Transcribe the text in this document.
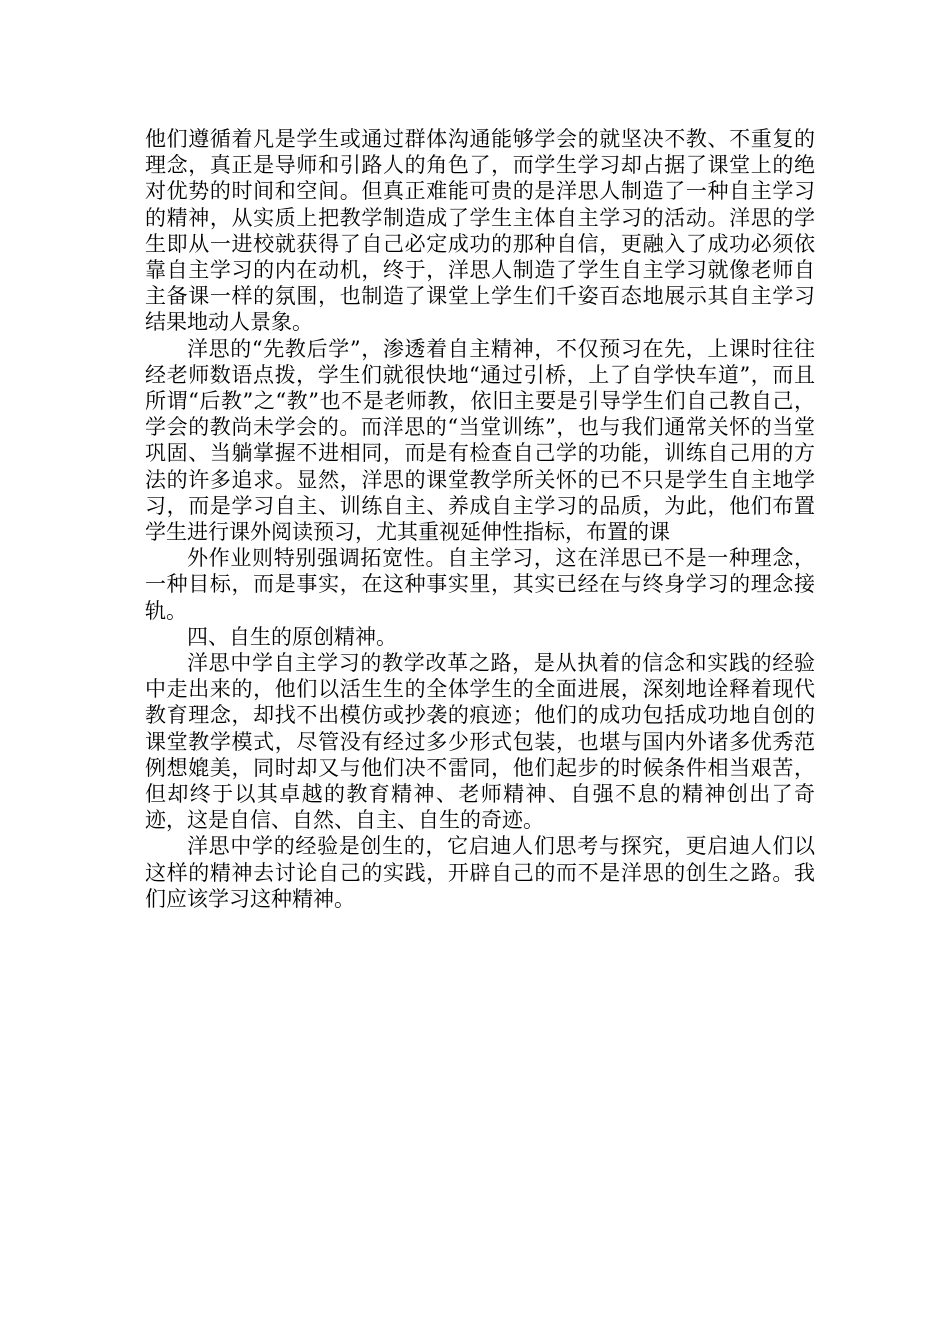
他们遵循着凡是学生或通过群体沟通能够学会的就坚决不教、不重复的理念，真正是导师和引路人的角色了，而学生学习却占据了课堂上的绝对优势的时间和空间。但真正难能可贵的是洋思人制造了一种自主学习的精神，从实质上把教学制造成了学生主体自主学习的活动。洋思的学生即从一进校就获得了自己必定成功的那种自信，更融入了成功必须依靠自主学习的内在动机，终于，洋思人制造了学生自主学习就像老师自主备课一样的氛围，也制造了课堂上学生们千姿百态地展示其自主学习结果地动人景象。

洋思的“先教后学”，渗透着自主精神，不仅预习在先，上课时往往经老师数语点拨，学生们就很快地“通过引桥，上了自学快车道”，而且所谓“后教”之“教”也不是老师教，依旧主要是引导学生们自己教自己，学会的教尚未学会的。而洋思的“当堂训练”，也与我们通常关怀的当堂巩固、当躺掌握不进相同，而是有检查自己学的功能，训练自己用的方法的许多追求。显然，洋思的课堂教学所关怀的已不只是学生自主地学习，而是学习自主、训练自主、养成自主学习的品质，为此，他们布置学生进行课外阅读预习，尤其重视延伸性指标，布置的课

外作业则特别强调拓宽性。自主学习，这在洋思已不是一种理念，一种目标，而是事实，在这种事实里，其实已经在与终身学习的理念接轨。

四、自生的原创精神。

洋思中学自主学习的教学改革之路，是从执着的信念和实践的经验中走出来的，他们以活生生的全体学生的全面进展，深刻地诠释着现代教育理念，却找不出模仿或抄袭的痕迹；他们的成功包括成功地自创的课堂教学模式，尽管没有经过多少形式包装，也堪与国内外诸多优秀范例想媲美，同时却又与他们决不雷同，他们起步的时候条件相当艰苦，但却终于以其卓越的教育精神、老师精神、自强不息的精神创出了奇迹，这是自信、自然、自主、自生的奇迹。

洋思中学的经验是创生的，它启迪人们思考与探究，更启迪人们以这样的精神去讨论自己的实践，开辟自己的而不是洋思的创生之路。我们应该学习这种精神。
